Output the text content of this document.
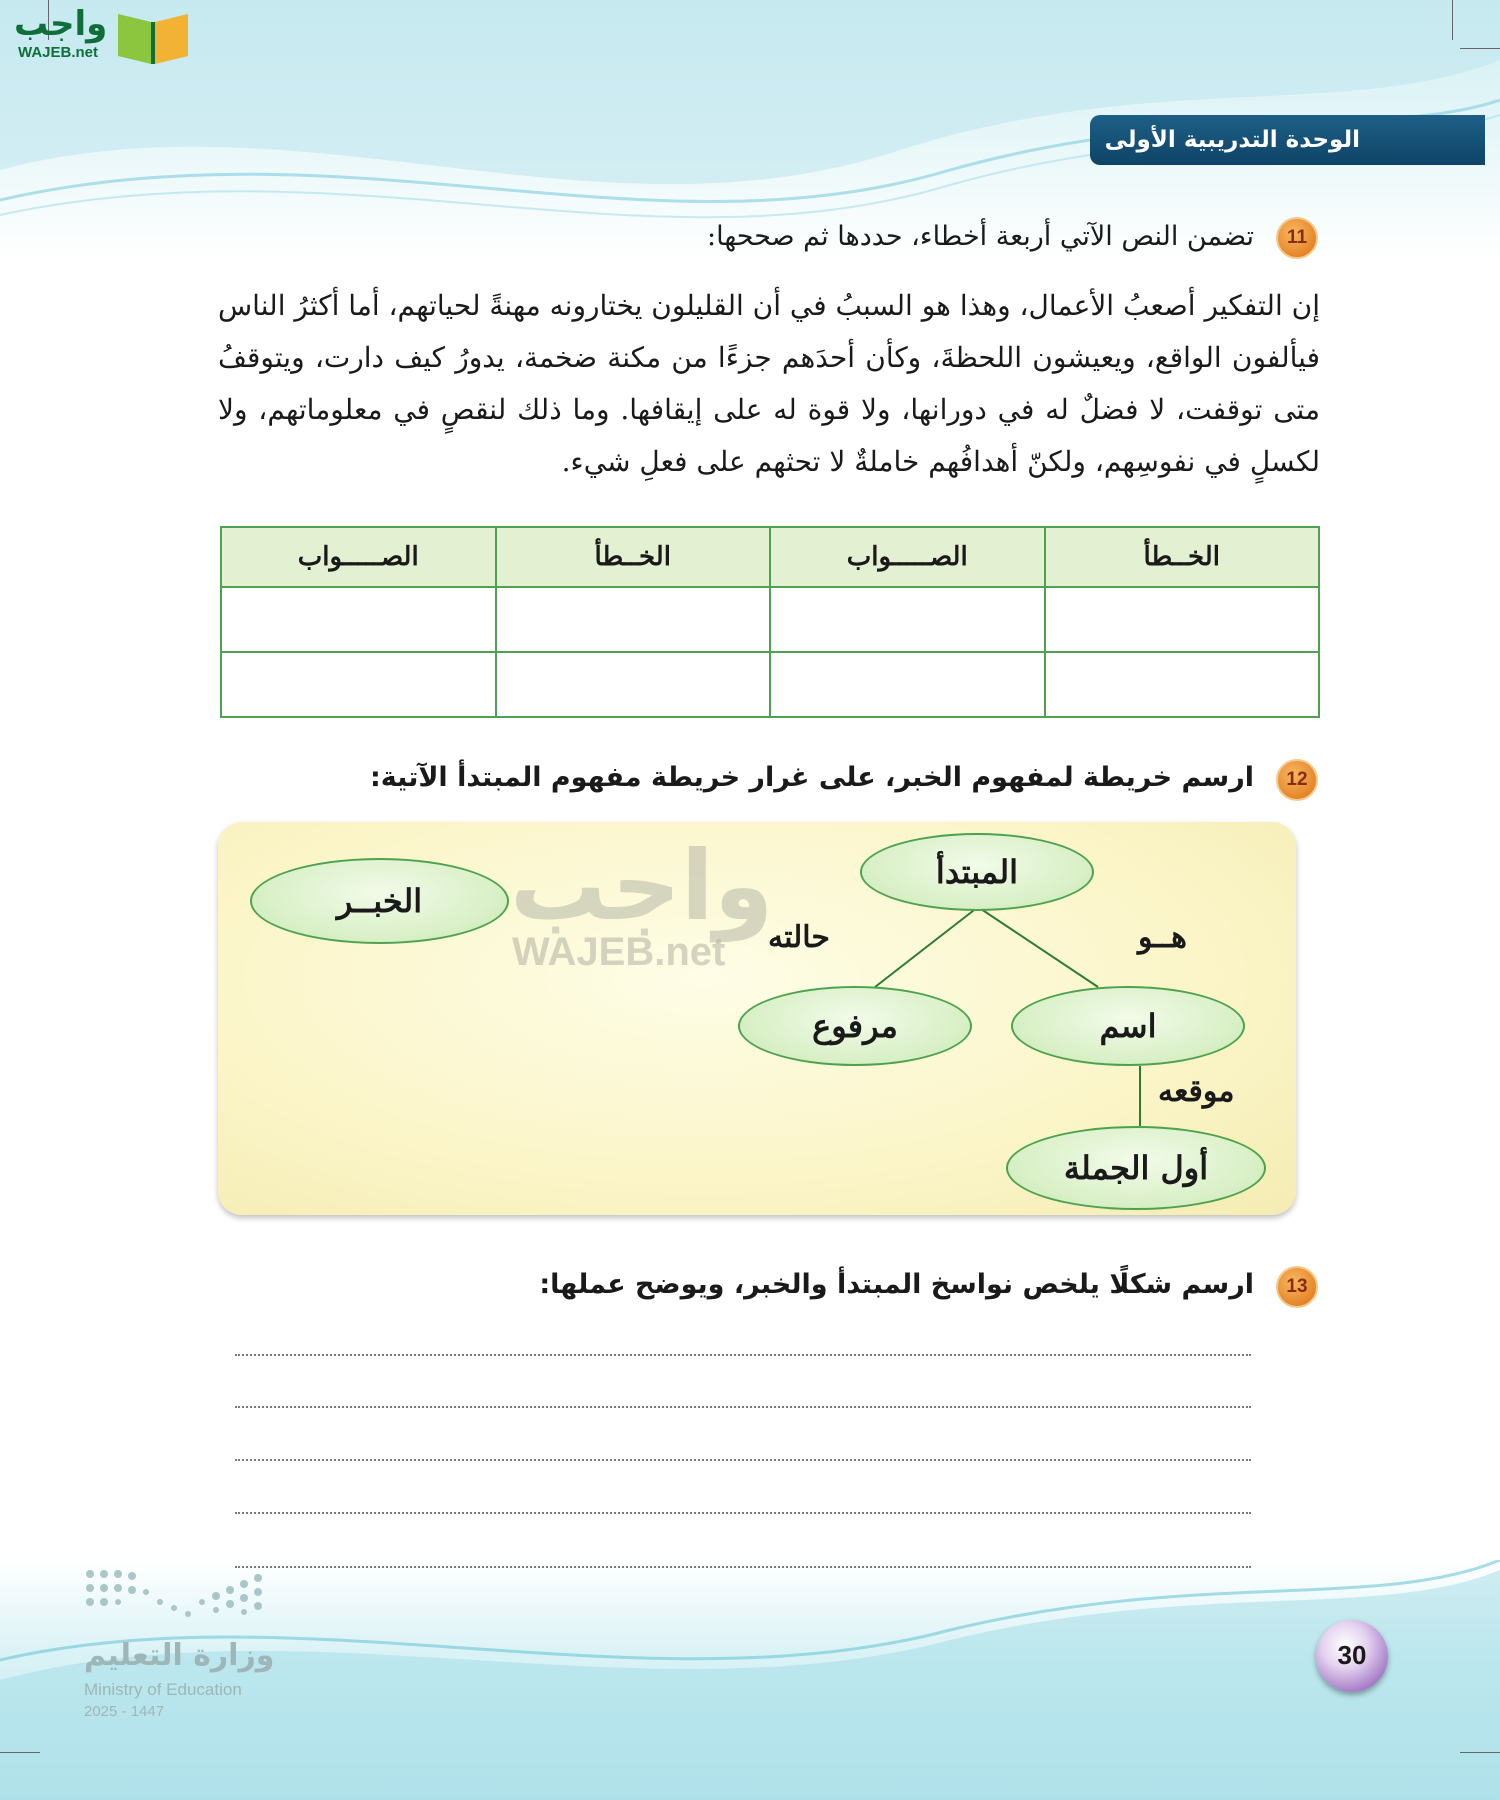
واجب
WAJEB.net
الوحدة التدريبية الأولى
11
تضمن النص الآتي أربعة أخطاء، حددها ثم صححها:

إن التفكير أصعبُ الأعمال، وهذا هو السببُ في أن القليلون يختارونه مهنةً لحياتهم، أما أكثرُ الناس فيألفون الواقع، ويعيشون اللحظةَ، وكأن أحدَهم جزءًا من مكنة ضخمة، يدورُ كيف دارت، ويتوقفُ متى توقفت، لا فضلٌ له في دورانها، ولا قوة له على إيقافها. وما ذلك لنقصٍ في معلوماتهم، ولا لكسلٍ في نفوسِهم، ولكنّ أهدافُهم خاملةٌ لا تحثهم على فعلِ شيء.

الخــطأ	الصـــــواب	الخــطأ	الصـــــواب

12
ارسم خريطة لمفهوم الخبر، على غرار خريطة مفهوم المبتدأ الآتية:
واجب
WAJEB.net
الخبــر
المبتدأ
مرفوع	اسم
أول الجملة
هــو
حالته
موقعه
13
ارسم شكلًا يلخص نواسخ المبتدأ والخبر، ويوضح عملها:
وزارة التعليم
Ministry of Education
2025 - 1447
30
